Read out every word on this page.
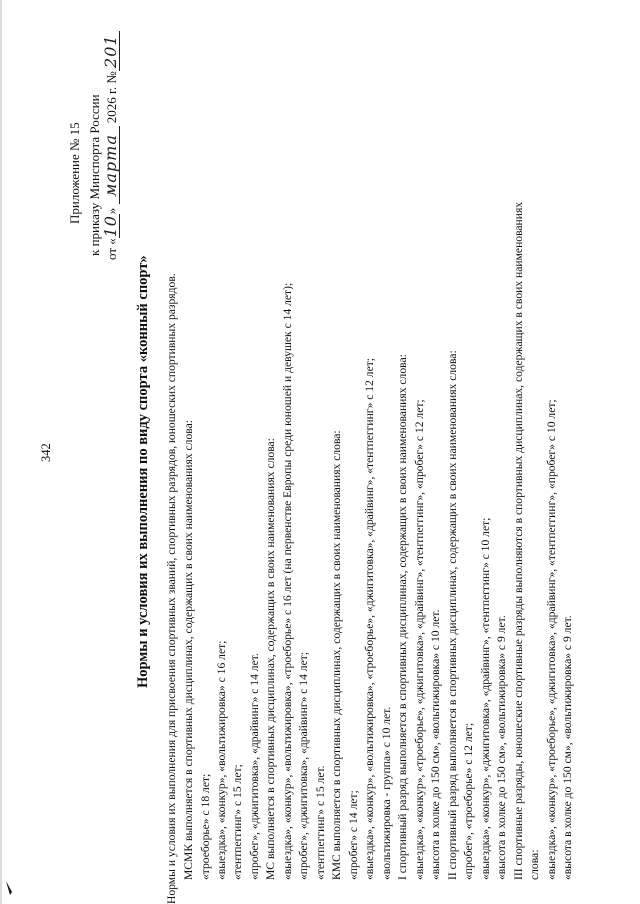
342
Приложение № 15 к приказу Минспорта России от «10» марта 2026 г. №201
Нормы и условия их выполнения по виду спорта «конный спорт» Нормы и условия их выполнения для присвоения спортивных званий, спортивных разрядов, юношеских спортивных разрядов. МСМК выполняется в спортивных дисциплинах, содержащих в своих наименованиях слова: «троеборье» с 18 лет; «выездка», «конкур», «вольтижировка» с 16 лет; «тентпеггинг» с 15 лет; «пробег», «джигитовка», «драйвинг» с 14 лет. МС выполняется в спортивных дисциплинах, содержащих в своих наименованиях слова: «выездка», «конкур», «вольтижировка», «троеборье» с 16 лет (на первенстве Европы среди юношей и девушек с 14 лет); «пробег», «джигитовка», «драйвинг» с 14 лет; «тентпеггинг» с 15 лет. КМС выполняется в спортивных дисциплинах, содержащих в своих наименованиях слова: «пробег» с 14 лет; «выездка», «конкур», «вольтижировка», «троеборье», «джигитовка», «драйвинг», «тентпеггинг» с 12 лет; «вольтижировка - группа» с 10 лет. I спортивный разряд выполняется в спортивных дисциплинах, содержащих в своих наименованиях слова: «выездка», «конкур», «троеборье», «джигитовка», «драйвинг», «тентпеггинг», «пробег» с 12 лет; «высота в холке до 150 см», «вольтижировка» с 10 лет. II спортивный разряд выполняется в спортивных дисциплинах, содержащих в своих наименованиях слова: «пробег», «троеборье» с 12 лет; «выездка», «конкур», «джигитовка», «драйвинг», «тентпеггинг» с 10 лет; «высота в холке до 150 см», «вольтижировка» с 9 лет. III спортивные разряды, юношеские спортивные разряды выполняются в спортивных дисциплинах, содержащих в своих наименованиях слова: «выездка», «конкур», «троеборье», «джигитовка», «драйвинг», «тентпеггинг», «пробег» с 10 лет; «высота в холке до 150 см», «вольтижировка» с 9 лет.
